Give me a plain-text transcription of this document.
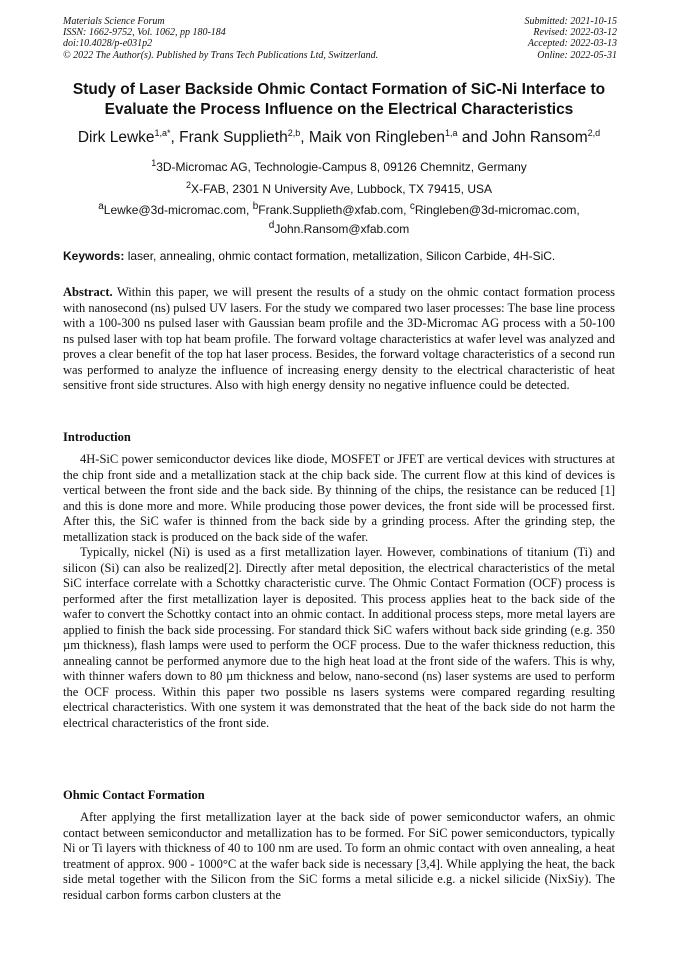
Materials Science Forum
ISSN: 1662-9752, Vol. 1062, pp 180-184
doi:10.4028/p-e031p2
© 2022 The Author(s). Published by Trans Tech Publications Ltd, Switzerland.
Submitted: 2021-10-15
Revised: 2022-03-12
Accepted: 2022-03-13
Online: 2022-05-31
Study of Laser Backside Ohmic Contact Formation of SiC-Ni Interface to Evaluate the Process Influence on the Electrical Characteristics
Dirk Lewke$^{1,a*}$, Frank Supplieth$^{2,b}$, Maik von Ringleben$^{1,a}$ and John Ransom$^{2,d}$
$^1$3D-Micromac AG, Technologie-Campus 8, 09126 Chemnitz, Germany
$^2$X-FAB, 2301 N University Ave, Lubbock, TX 79415, USA
$^a$Lewke@3d-micromac.com, $^b$Frank.Supplieth@xfab.com, $^c$Ringleben@3d-micromac.com,
$^d$John.Ransom@xfab.com
Keywords: laser, annealing, ohmic contact formation, metallization, Silicon Carbide, 4H-SiC.

Abstract. Within this paper, we will present the results of a study on the ohmic contact formation process with nanosecond (ns) pulsed UV lasers. For the study we compared two laser processes: The base line process with a 100-300 ns pulsed laser with Gaussian beam profile and the 3D-Micromac AG process with a 50-100 ns pulsed laser with top hat beam profile. The forward voltage characteristics at wafer level was analyzed and proves a clear benefit of the top hat laser process. Besides, the forward voltage characteristics of a second run was performed to analyze the influence of increasing energy density to the electrical characteristic of heat sensitive front side structures. Also with high energy density no negative influence could be detected.

Introduction

4H-SiC power semiconductor devices like diode, MOSFET or JFET are vertical devices with structures at the chip front side and a metallization stack at the chip back side. The current flow at this kind of devices is vertical between the front side and the back side. By thinning of the chips, the resistance can be reduced [1] and this is done more and more. While producing those power devices, the front side will be processed first. After this, the SiC wafer is thinned from the back side by a grinding process. After the grinding step, the metallization stack is produced on the back side of the wafer.

Typically, nickel (Ni) is used as a first metallization layer. However, combinations of titanium (Ti) and silicon (Si) can also be realized[2]. Directly after metal deposition, the electrical characteristics of the metal SiC interface correlate with a Schottky characteristic curve. The Ohmic Contact Formation (OCF) process is performed after the first metallization layer is deposited. This process applies heat to the back side of the wafer to convert the Schottky contact into an ohmic contact. In additional process steps, more metal layers are applied to finish the back side processing. For standard thick SiC wafers without back side grinding (e.g. 350 µm thickness), flash lamps were used to perform the OCF process. Due to the wafer thickness reduction, this annealing cannot be performed anymore due to the high heat load at the front side of the wafers. This is why, with thinner wafers down to 80 µm thickness and below, nano-second (ns) laser systems are used to perform the OCF process. Within this paper two possible ns lasers systems were compared regarding resulting electrical characteristics. With one system it was demonstrated that the heat of the back side do not harm the electrical characteristics of the front side.

Ohmic Contact Formation

After applying the first metallization layer at the back side of power semiconductor wafers, an ohmic contact between semiconductor and metallization has to be formed. For SiC power semiconductors, typically Ni or Ti layers with thickness of 40 to 100 nm are used. To form an ohmic contact with oven annealing, a heat treatment of approx. 900 - 1000°C at the wafer back side is necessary [3,4]. While applying the heat, the back side metal together with the Silicon from the SiC forms a metal silicide e.g. a nickel silicide (NixSiy). The residual carbon forms carbon clusters at the
